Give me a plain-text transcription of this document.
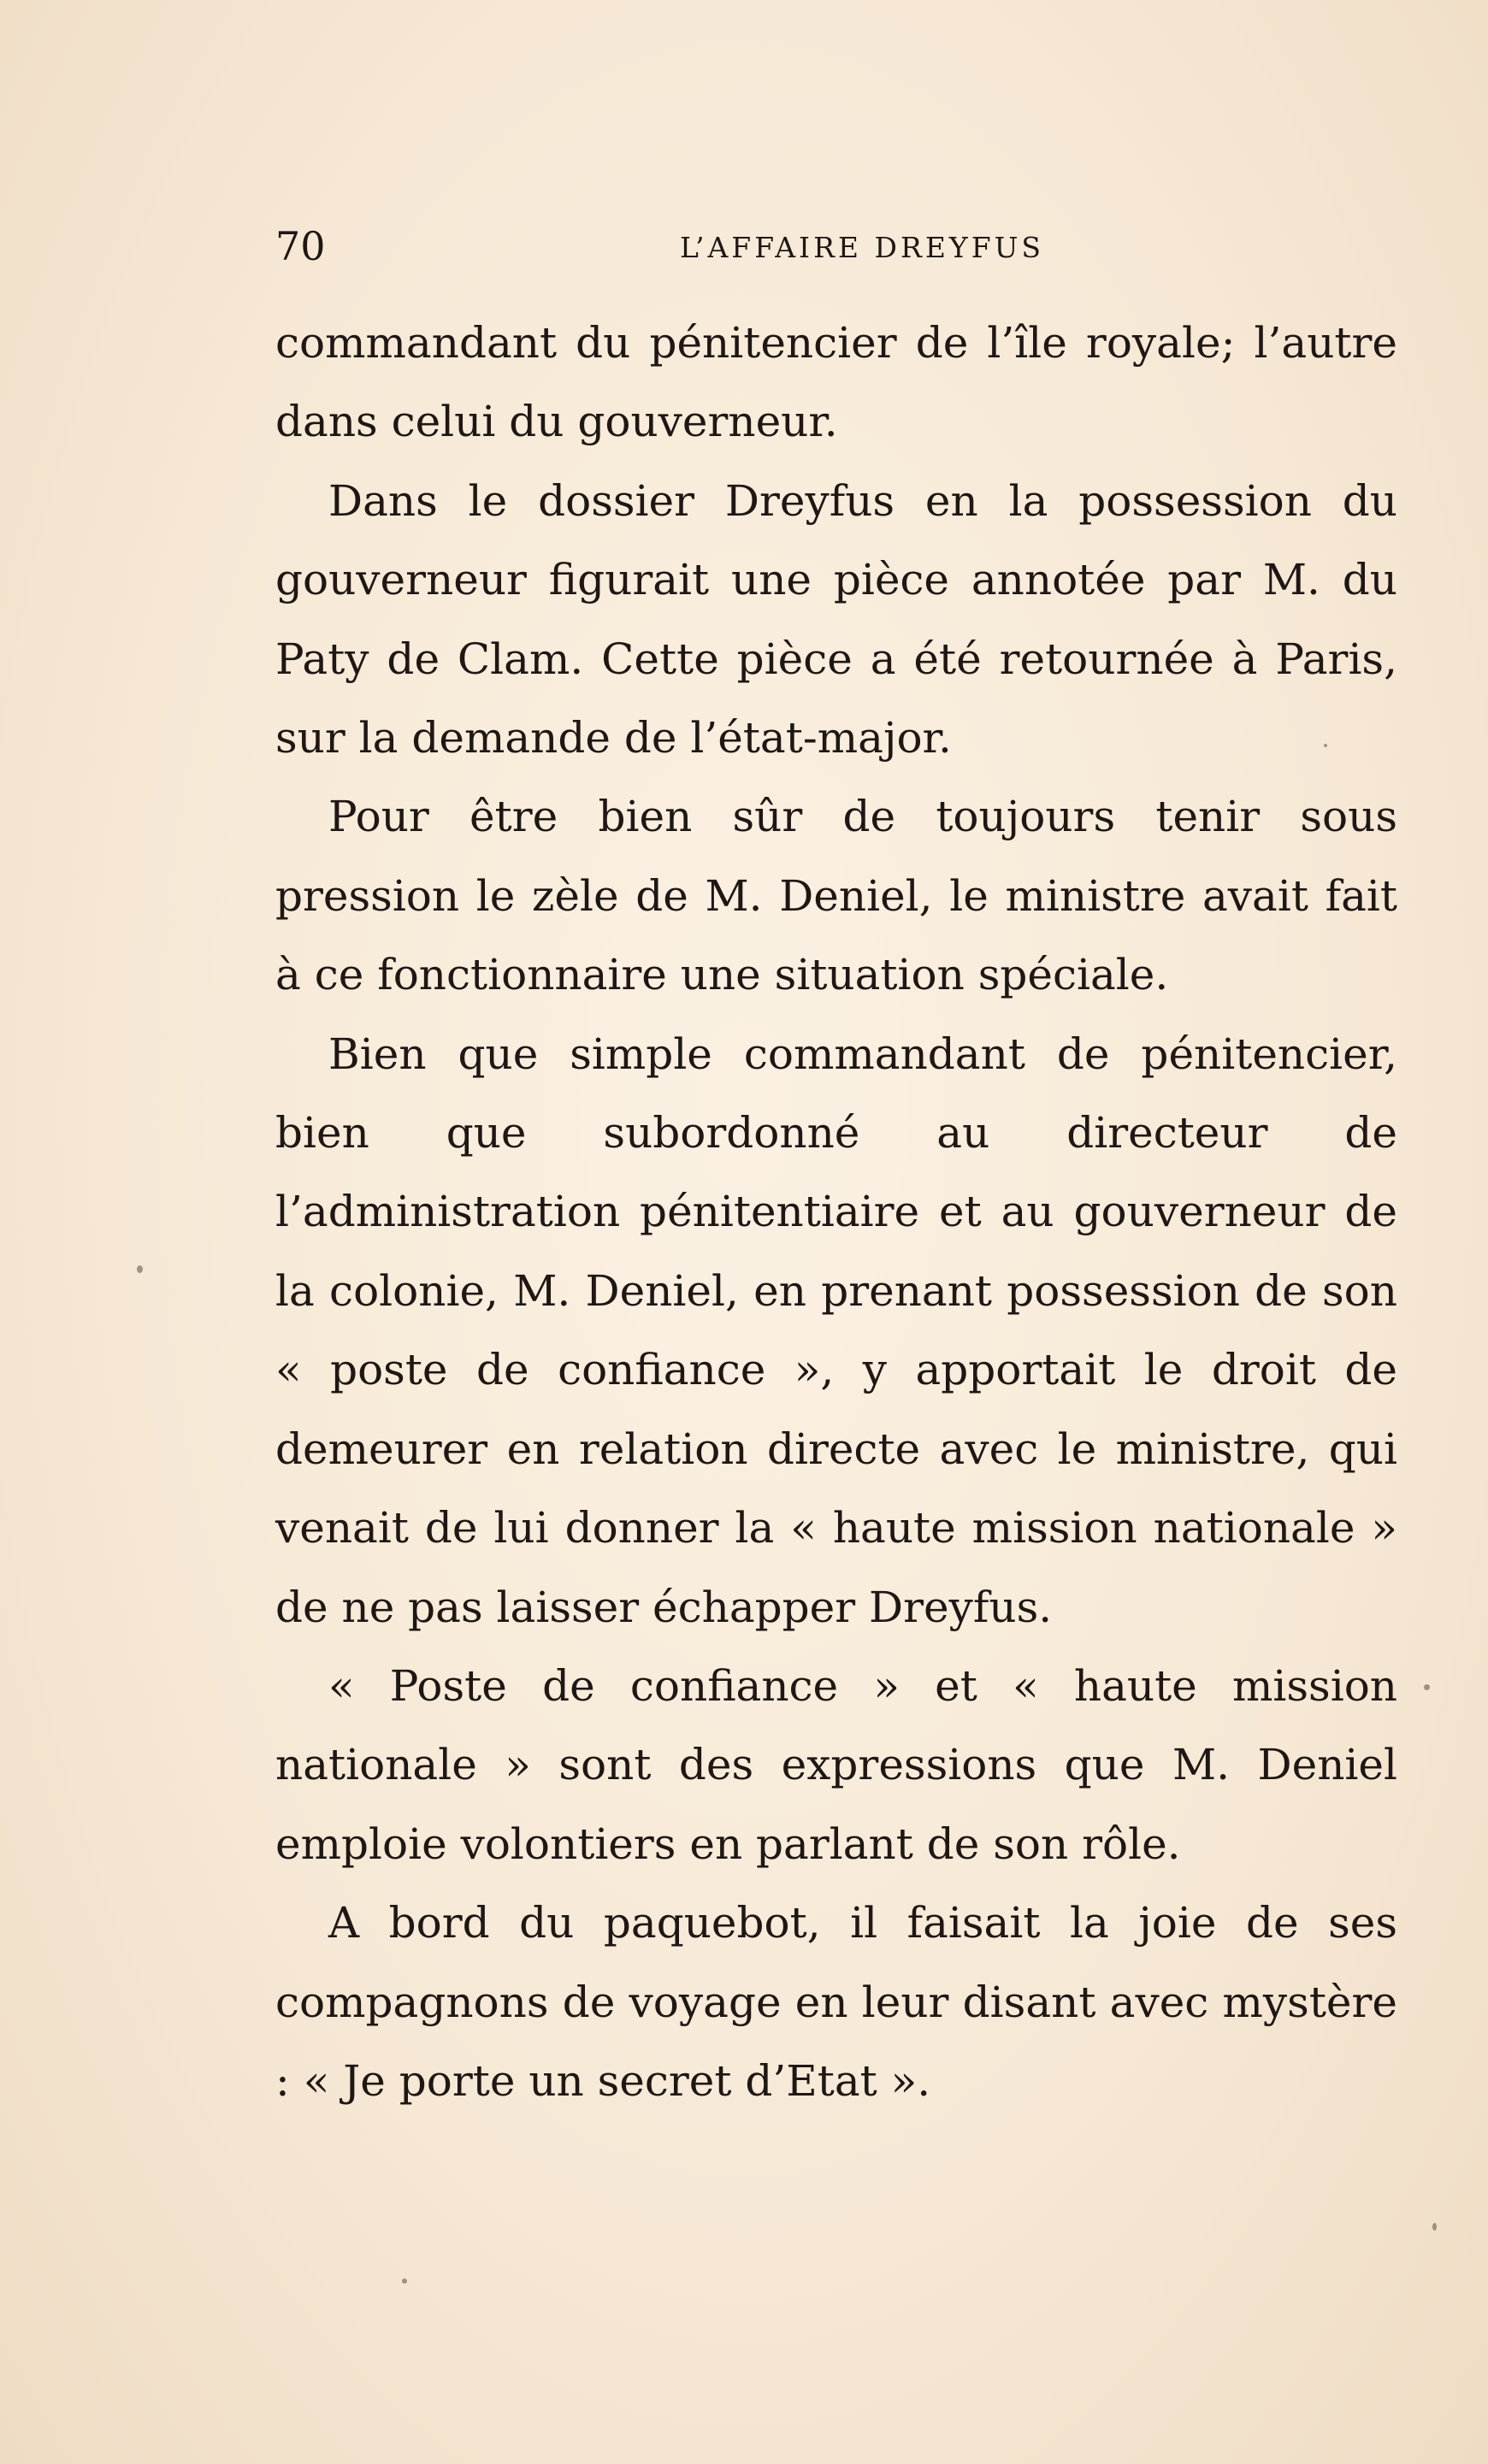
70	L’AFFAIRE DREYFUS

commandant du pénitencier de l’île royale; l’autre dans celui du gouverneur.

Dans le dossier Dreyfus en la possession du gouverneur figurait une pièce annotée par M. du Paty de Clam. Cette pièce a été retournée à Paris, sur la demande de l’état-major.

Pour être bien sûr de toujours tenir sous pression le zèle de M. Deniel, le ministre avait fait à ce fonctionnaire une situation spéciale.

Bien que simple commandant de pénitencier, bien que subordonné au directeur de l’administration pénitentiaire et au gouverneur de la colonie, M. Deniel, en prenant possession de son « poste de confiance », y apportait le droit de demeurer en relation directe avec le ministre, qui venait de lui donner la « haute mission nationale » de ne pas laisser échapper Dreyfus.

« Poste de confiance » et « haute mission nationale » sont des expressions que M. Deniel emploie volontiers en parlant de son rôle.

A bord du paquebot, il faisait la joie de ses compagnons de voyage en leur disant avec mystère : « Je porte un secret d’Etat ».
